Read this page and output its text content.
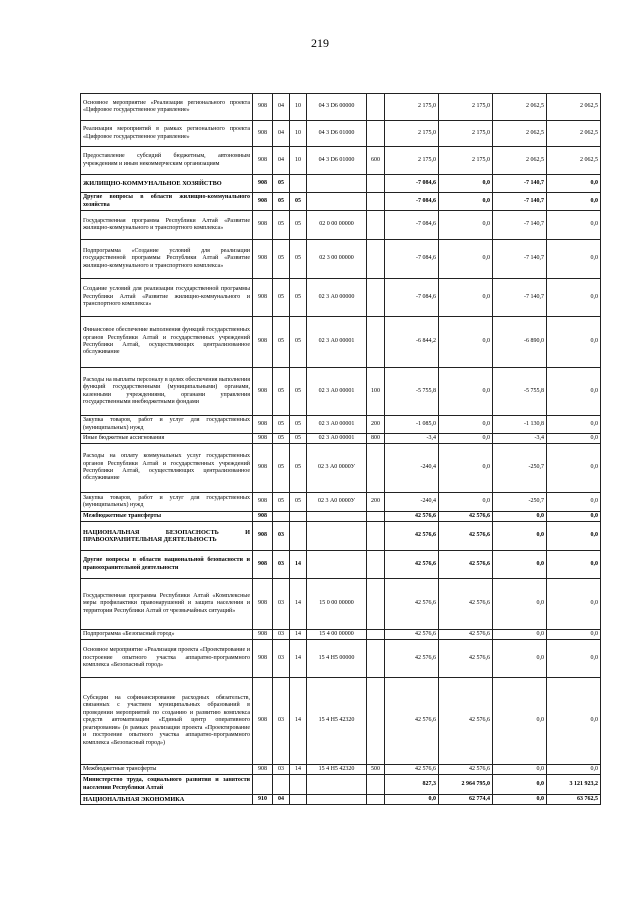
219
Основное мероприятие «Реализация регионального проекта «Цифровое государственное управление»	908	04	10	04 3 D6 00000		2 175,0	2 175,0	2 062,5	2 062,5
Реализация мероприятий в рамках регионального проекта «Цифровое государственное управление»	908	04	10	04 3 D6 01000		2 175,0	2 175,0	2 062,5	2 062,5
Предоставление субсидий бюджетным, автономным учреждениям и иным некоммерческим организациям	908	04	10	04 3 D6 01000	600	2 175,0	2 175,0	2 062,5	2 062,5
ЖИЛИЩНО-КОММУНАЛЬНОЕ ХОЗЯЙСТВО	908	05				-7 084,6	0,0	-7 140,7	0,0
Другие вопросы в области жилищно-коммунального хозяйства	908	05	05			-7 084,6	0,0	-7 140,7	0,0
Государственная программа Республики Алтай «Развитие жилищно-коммунального и транспортного комплекса»	908	05	05	02 0 00 00000		-7 084,6	0,0	-7 140,7	0,0
Подпрограмма «Создание условий для реализации государственной программы Республики Алтай «Развитие жилищно-коммунального и транспортного комплекса»	908	05	05	02 3 00 00000		-7 084,6	0,0	-7 140,7	0,0
Создание условий для реализации государственной программы Республики Алтай «Развитие жилищно-коммунального и транспортного комплекса»	908	05	05	02 3 А0 00000		-7 084,6	0,0	-7 140,7	0,0
Финансовое обеспечение выполнения функций государственных органов Республики Алтай и государственных учреждений Республики Алтай, осуществляющих централизованное обслуживание	908	05	05	02 3 А0 00001		-6 844,2	0,0	-6 890,0	0,0
Расходы на выплаты персоналу в целях обеспечения выполнения функций государственными (муниципальными) органами, казенными учреждениями, органами управления государственными внебюджетными фондами	908	05	05	02 3 А0 00001	100	-5 755,8	0,0	-5 755,8	0,0
Закупка товаров, работ и услуг для государственных (муниципальных) нужд	908	05	05	02 3 А0 00001	200	-1 085,0	0,0	-1 130,8	0,0
Иные бюджетные ассигнования	908	05	05	02 3 А0 00001	800	-3,4	0,0	-3,4	0,0
Расходы на оплату коммунальных услуг государственных органов Республики Алтай и государственных учреждений Республики Алтай, осуществляющих централизованное обслуживание	908	05	05	02 3 А0 0000У		-240,4	0,0	-250,7	0,0
Закупка товаров, работ и услуг для государственных (муниципальных) нужд	908	05	05	02 3 А0 0000У	200	-240,4	0,0	-250,7	0,0
Межбюджетные трансферты	908					42 576,6	42 576,6	0,0	0,0
НАЦИОНАЛЬНАЯ БЕЗОПАСНОСТЬ И ПРАВООХРАНИТЕЛЬНАЯ ДЕЯТЕЛЬНОСТЬ	908	03				42 576,6	42 576,6	0,0	0,0
Другие вопросы в области национальной безопасности и правоохранительной деятельности	908	03	14			42 576,6	42 576,6	0,0	0,0
Государственная программа Республики Алтай «Комплексные меры профилактики правонарушений и защита населения и территории Республики Алтай от чрезвычайных ситуаций»	908	03	14	15 0 00 00000		42 576,6	42 576,6	0,0	0,0
Подпрограмма «Безопасный город»	908	03	14	15 4 00 00000		42 576,6	42 576,6	0,0	0,0
Основное мероприятие «Реализация проекта «Проектирование и построение опытного участка аппаратно-программного комплекса «Безопасный город»	908	03	14	15 4 Н5 00000		42 576,6	42 576,6	0,0	0,0
Субсидии на софинансирование расходных обязательств, связанных с участием муниципальных образований в проведении мероприятий по созданию и развитию комплекса средств автоматизации «Единый центр оперативного реагирования» (в рамках реализации проекта «Проектирование и построение опытного участка аппаратно-программного комплекса «Безопасный город»)	908	03	14	15 4 Н5 42320		42 576,6	42 576,6	0,0	0,0
Межбюджетные трансферты	908	03	14	15 4 Н5 42320	500	42 576,6	42 576,6	0,0	0,0
Министерство труда, социального развития и занятости населения Республики Алтай						827,3	2 964 795,0	0,0	3 121 923,2
НАЦИОНАЛЬНАЯ ЭКОНОМИКА	910	04				0,0	62 774,4	0,0	63 762,5
